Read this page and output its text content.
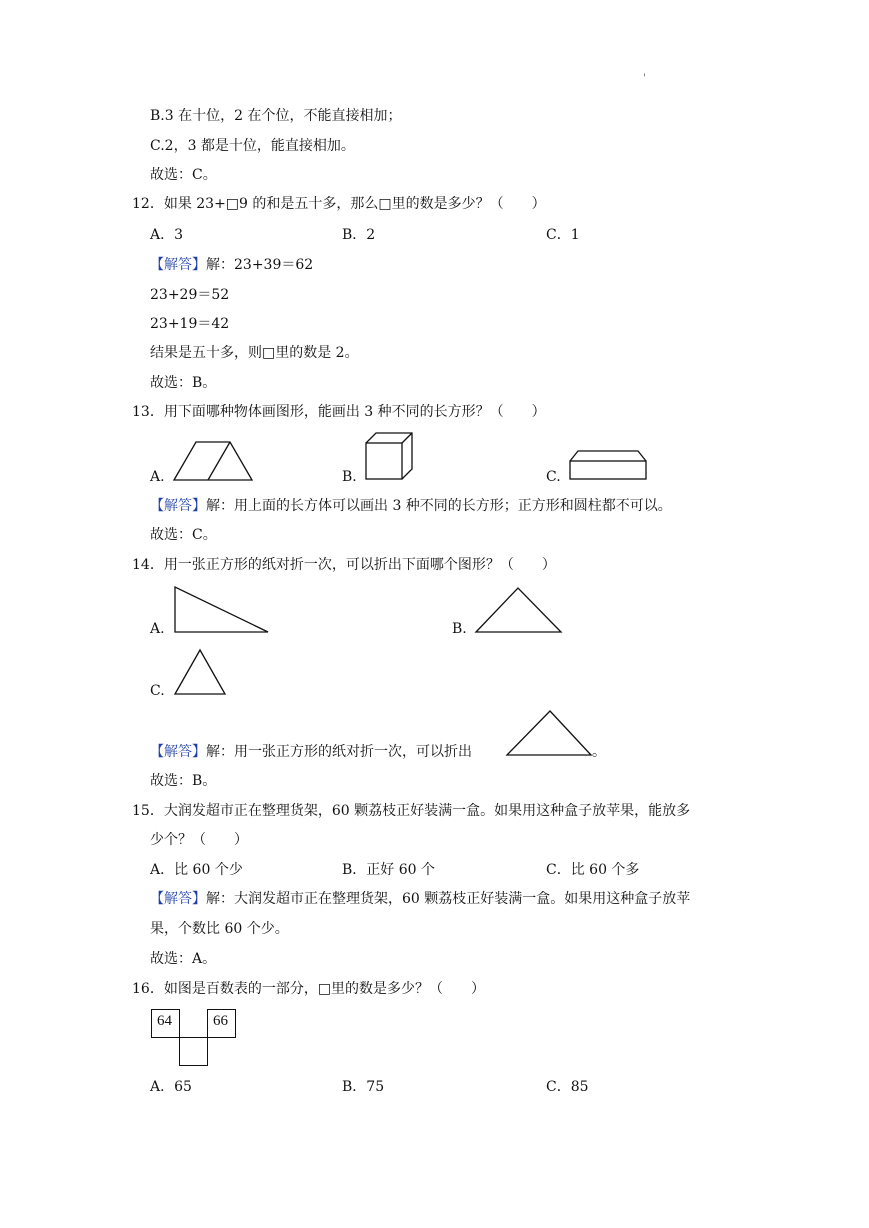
'
B.3 在十位，2 在个位，不能直接相加；
C.2，3 都是十位，能直接相加。
故选：C。
12．如果 23+□9 的和是五十多，那么□里的数是多少？（　　）
A．3	B．2	C．1
【解答】解：23+39＝62
23+29＝52
23+19＝42
结果是五十多，则□里的数是 2。
故选：B。
13．用下面哪种物体画图形，能画出 3 种不同的长方形？（　　）
A.	B.	C.
【解答】解：用上面的长方体可以画出 3 种不同的长方形；正方形和圆柱都不可以。
故选：C。
14．用一张正方形的纸对折一次，可以折出下面哪个图形？（　　）
A.	B.
C.
【解答】解：用一张正方形的纸对折一次，可以折出	。
故选：B。
15．大润发超市正在整理货架，60 颗荔枝正好装满一盒。如果用这种盒子放苹果，能放多
少个？（　　）
A．比 60 个少	B．正好 60 个	C．比 60 个多
【解答】解：大润发超市正在整理货架，60 颗荔枝正好装满一盒。如果用这种盒子放苹
果，个数比 60 个少。
故选：A。
16．如图是百数表的一部分，□里的数是多少？（　　）
64	66
A．65	B．75	C．85
